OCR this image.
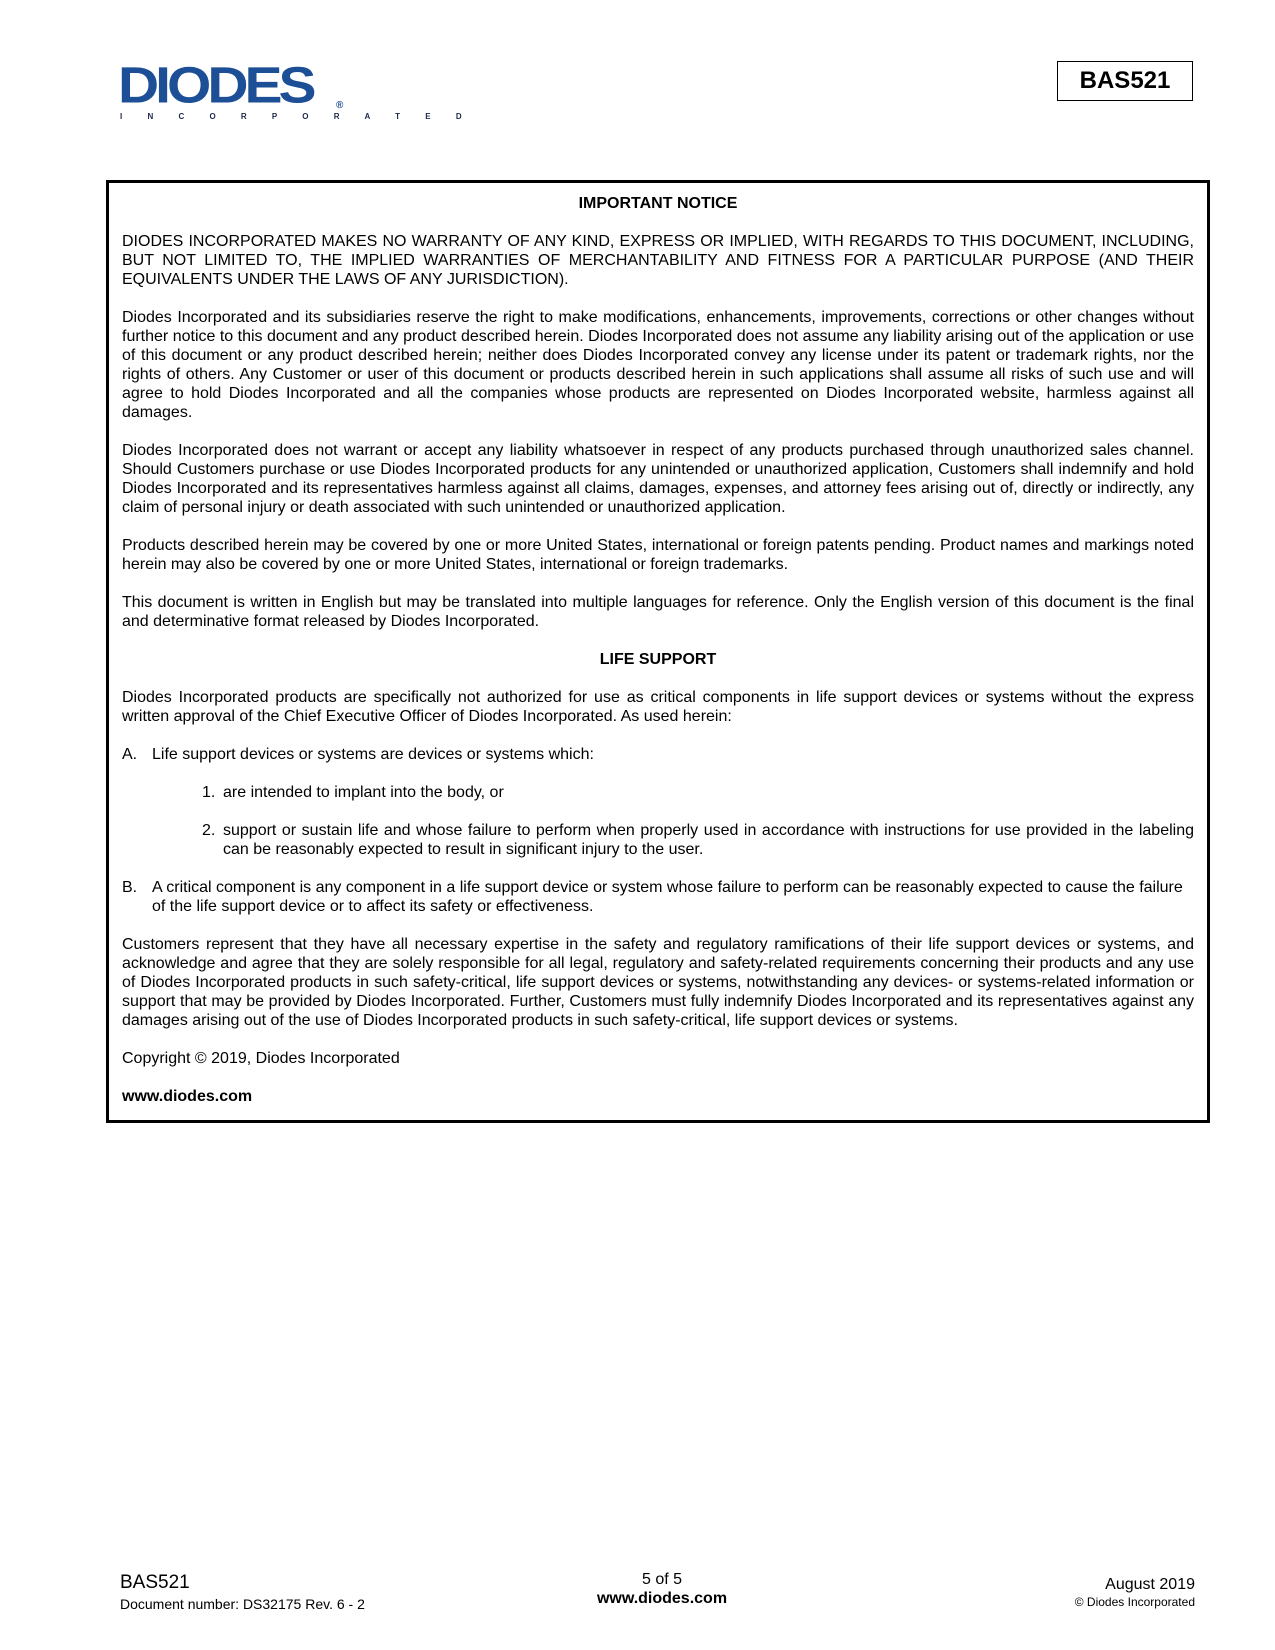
DIODES ®
I N C O R P O R A T E D
BAS521

IMPORTANT NOTICE

DIODES INCORPORATED MAKES NO WARRANTY OF ANY KIND, EXPRESS OR IMPLIED, WITH REGARDS TO THIS DOCUMENT, INCLUDING, BUT NOT LIMITED TO, THE IMPLIED WARRANTIES OF MERCHANTABILITY AND FITNESS FOR A PARTICULAR PURPOSE (AND THEIR EQUIVALENTS UNDER THE LAWS OF ANY JURISDICTION).

Diodes Incorporated and its subsidiaries reserve the right to make modifications, enhancements, improvements, corrections or other changes without further notice to this document and any product described herein. Diodes Incorporated does not assume any liability arising out of the application or use of this document or any product described herein; neither does Diodes Incorporated convey any license under its patent or trademark rights, nor the rights of others. Any Customer or user of this document or products described herein in such applications shall assume all risks of such use and will agree to hold Diodes Incorporated and all the companies whose products are represented on Diodes Incorporated website, harmless against all damages.

Diodes Incorporated does not warrant or accept any liability whatsoever in respect of any products purchased through unauthorized sales channel. Should Customers purchase or use Diodes Incorporated products for any unintended or unauthorized application, Customers shall indemnify and hold Diodes Incorporated and its representatives harmless against all claims, damages, expenses, and attorney fees arising out of, directly or indirectly, any claim of personal injury or death associated with such unintended or unauthorized application.

Products described herein may be covered by one or more United States, international or foreign patents pending. Product names and markings noted herein may also be covered by one or more United States, international or foreign trademarks.

This document is written in English but may be translated into multiple languages for reference. Only the English version of this document is the final and determinative format released by Diodes Incorporated.

LIFE SUPPORT

Diodes Incorporated products are specifically not authorized for use as critical components in life support devices or systems without the express written approval of the Chief Executive Officer of Diodes Incorporated. As used herein:

A. Life support devices or systems are devices or systems which:

1. are intended to implant into the body, or

2. support or sustain life and whose failure to perform when properly used in accordance with instructions for use provided in the labeling can be reasonably expected to result in significant injury to the user.

B. A critical component is any component in a life support device or system whose failure to perform can be reasonably expected to cause the failure of the life support device or to affect its safety or effectiveness.

Customers represent that they have all necessary expertise in the safety and regulatory ramifications of their life support devices or systems, and acknowledge and agree that they are solely responsible for all legal, regulatory and safety-related requirements concerning their products and any use of Diodes Incorporated products in such safety-critical, life support devices or systems, notwithstanding any devices- or systems-related information or support that may be provided by Diodes Incorporated. Further, Customers must fully indemnify Diodes Incorporated and its representatives against any damages arising out of the use of Diodes Incorporated products in such safety-critical, life support devices or systems.

Copyright © 2019, Diodes Incorporated

www.diodes.com

BAS521
Document number: DS32175 Rev. 6 - 2
5 of 5
www.diodes.com
August 2019
© Diodes Incorporated
